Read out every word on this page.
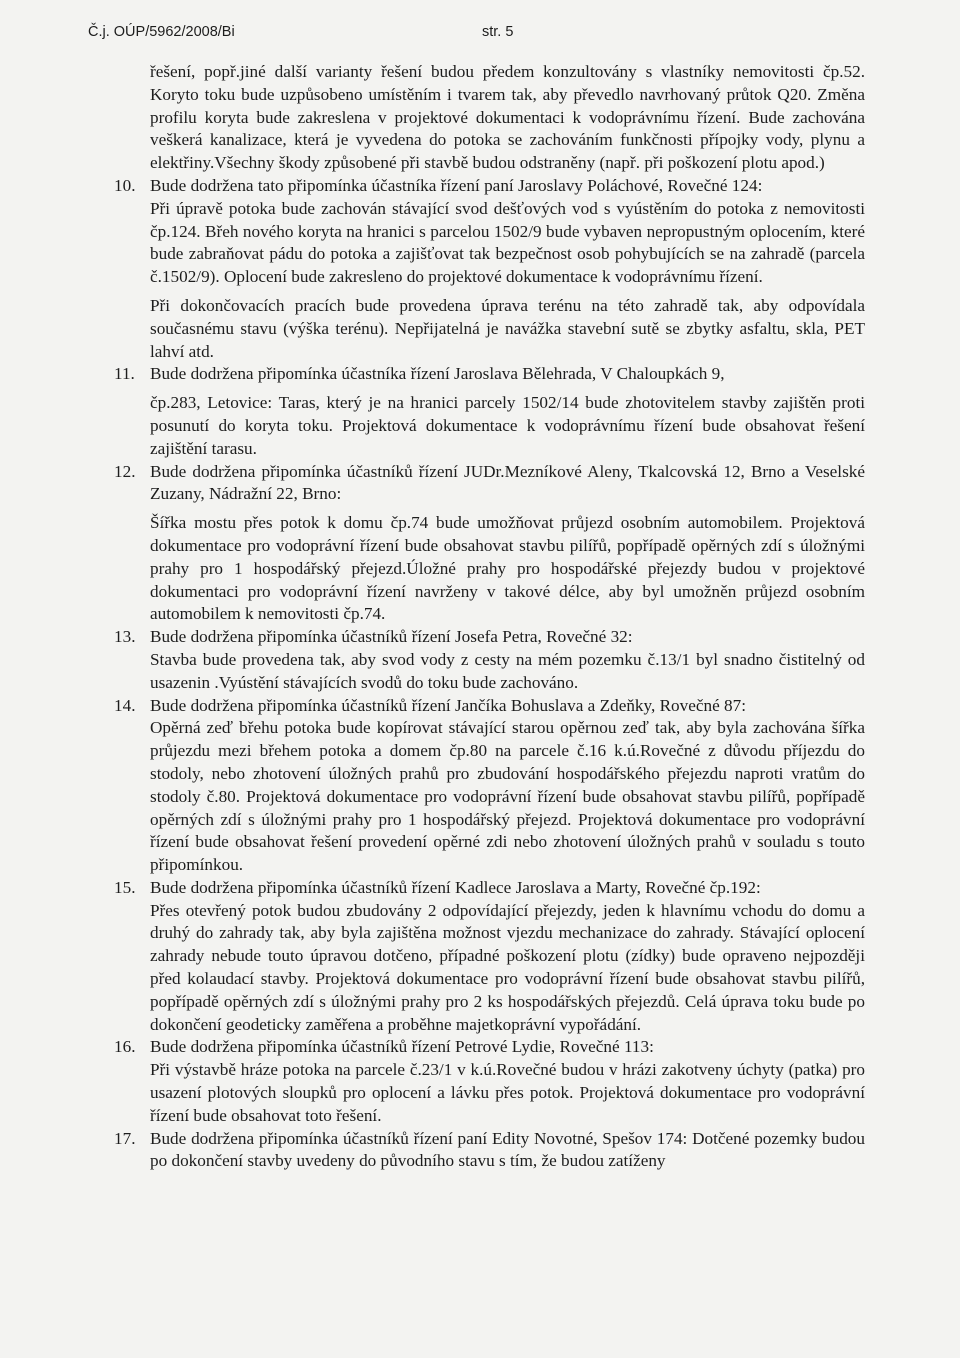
Č.j. OÚP/5962/2008/Bi	str. 5

řešení, popř.jiné další varianty řešení budou předem konzultovány s vlastníky nemovitosti čp.52. Koryto toku bude uzpůsobeno umístěním i tvarem tak, aby převedlo navrhovaný průtok Q20. Změna profilu koryta bude zakreslena v projektové dokumentaci k vodoprávnímu řízení. Bude zachována veškerá kanalizace, která je vyvedena do potoka se zachováním funkčnosti přípojky vody, plynu a elektřiny.Všechny škody způsobené při stavbě budou odstraněny (např. při poškození plotu apod.)

10. Bude dodržena tato připomínka účastníka řízení paní Jaroslavy Poláchové, Rovečné 124:

Při úpravě potoka bude zachován stávající svod dešťových vod s vyústěním do potoka z nemovitosti čp.124. Břeh nového koryta na hranici s parcelou 1502/9 bude vybaven nepropustným oplocením, které bude zabraňovat pádu do potoka a zajišťovat tak bezpečnost osob pohybujících se na zahradě (parcela č.1502/9). Oplocení bude zakresleno do projektové dokumentace k vodoprávnímu řízení.

Při dokončovacích pracích bude provedena úprava terénu na této zahradě tak, aby odpovídala současnému stavu (výška terénu). Nepřijatelná je navážka stavební sutě se zbytky asfaltu, skla, PET lahví atd.

11. Bude dodržena připomínka účastníka řízení Jaroslava Bělehrada, V Chaloupkách 9,

čp.283, Letovice: Taras, který je na hranici parcely 1502/14 bude zhotovitelem stavby zajištěn proti posunutí do koryta toku. Projektová dokumentace k vodoprávnímu řízení bude obsahovat řešení zajištění tarasu.

12. Bude dodržena připomínka účastníků řízení JUDr.Mezníkové Aleny, Tkalcovská 12, Brno a Veselské Zuzany, Nádražní 22, Brno:

Šířka mostu přes potok k domu čp.74 bude umožňovat průjezd osobním automobilem. Projektová dokumentace pro vodoprávní řízení bude obsahovat stavbu pilířů, popřípadě opěrných zdí s úložnými prahy pro 1 hospodářský přejezd.Úložné prahy pro hospodářské přejezdy budou v projektové dokumentaci pro vodoprávní řízení navrženy v takové délce, aby byl umožněn průjezd osobním automobilem k nemovitosti čp.74.

13. Bude dodržena připomínka účastníků řízení Josefa Petra, Rovečné 32:

Stavba bude provedena tak, aby svod vody z cesty na mém pozemku č.13/1 byl snadno čistitelný od usazenin .Vyústění stávajících svodů do toku bude zachováno.

14. Bude dodržena připomínka účastníků řízení Jančíka Bohuslava a Zdeňky, Rovečné 87:

Opěrná zeď břehu potoka bude kopírovat stávající starou opěrnou zeď tak, aby byla zachována šířka průjezdu mezi břehem potoka a domem čp.80 na parcele č.16 k.ú.Rovečné z důvodu příjezdu do stodoly, nebo zhotovení úložných prahů pro zbudování hospodářského přejezdu naproti vratům do stodoly č.80. Projektová dokumentace pro vodoprávní řízení bude obsahovat stavbu pilířů, popřípadě opěrných zdí s úložnými prahy pro 1 hospodářský přejezd. Projektová dokumentace pro vodoprávní řízení bude obsahovat řešení provedení opěrné zdi nebo zhotovení úložných prahů v souladu s touto připomínkou.

15. Bude dodržena připomínka účastníků řízení Kadlece Jaroslava a Marty, Rovečné čp.192:

Přes otevřený potok budou zbudovány 2 odpovídající přejezdy, jeden k hlavnímu vchodu do domu a druhý do zahrady tak, aby byla zajištěna možnost vjezdu mechanizace do zahrady. Stávající oplocení zahrady nebude touto úpravou dotčeno, případné poškození plotu (zídky) bude opraveno nejpozději před kolaudací stavby. Projektová dokumentace pro vodoprávní řízení bude obsahovat stavbu pilířů, popřípadě opěrných zdí s úložnými prahy pro 2 ks hospodářských přejezdů. Celá úprava toku bude po dokončení geodeticky zaměřena a proběhne majetkoprávní vypořádání.

16. Bude dodržena připomínka účastníků řízení Petrové Lydie, Rovečné 113:

Při výstavbě hráze potoka na parcele č.23/1 v k.ú.Rovečné budou v hrázi zakotveny úchyty (patka) pro usazení plotových sloupků pro oplocení a lávku přes potok. Projektová dokumentace pro vodoprávní řízení bude obsahovat toto řešení.

17. Bude dodržena připomínka účastníků řízení paní Edity Novotné, Spešov 174: Dotčené pozemky budou po dokončení stavby uvedeny do původního stavu s tím, že budou zatíženy
